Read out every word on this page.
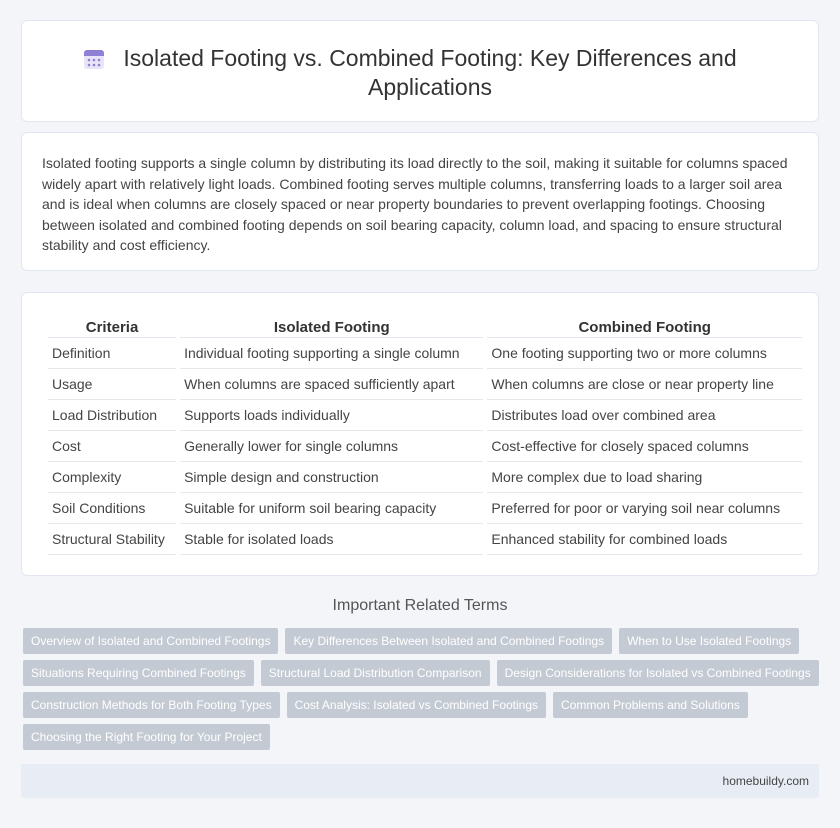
Isolated Footing vs. Combined Footing: Key Differences and Applications

Isolated footing supports a single column by distributing its load directly to the soil, making it suitable for columns spaced widely apart with relatively light loads. Combined footing serves multiple columns, transferring loads to a larger soil area and is ideal when columns are closely spaced or near property boundaries to prevent overlapping footings. Choosing between isolated and combined footing depends on soil bearing capacity, column load, and spacing to ensure structural stability and cost efficiency.

Criteria	Isolated Footing	Combined Footing
Definition	Individual footing supporting a single column	One footing supporting two or more columns
Usage	When columns are spaced sufficiently apart	When columns are close or near property line
Load Distribution	Supports loads individually	Distributes load over combined area
Cost	Generally lower for single columns	Cost-effective for closely spaced columns
Complexity	Simple design and construction	More complex due to load sharing
Soil Conditions	Suitable for uniform soil bearing capacity	Preferred for poor or varying soil near columns
Structural Stability	Stable for isolated loads	Enhanced stability for combined loads
Important Related Terms
Overview of Isolated and Combined Footings	Key Differences Between Isolated and Combined Footings	When to Use Isolated Footings
Situations Requiring Combined Footings	Structural Load Distribution Comparison	Design Considerations for Isolated vs Combined Footings
Construction Methods for Both Footing Types	Cost Analysis: Isolated vs Combined Footings	Common Problems and Solutions
Choosing the Right Footing for Your Project
homebuildy.com
